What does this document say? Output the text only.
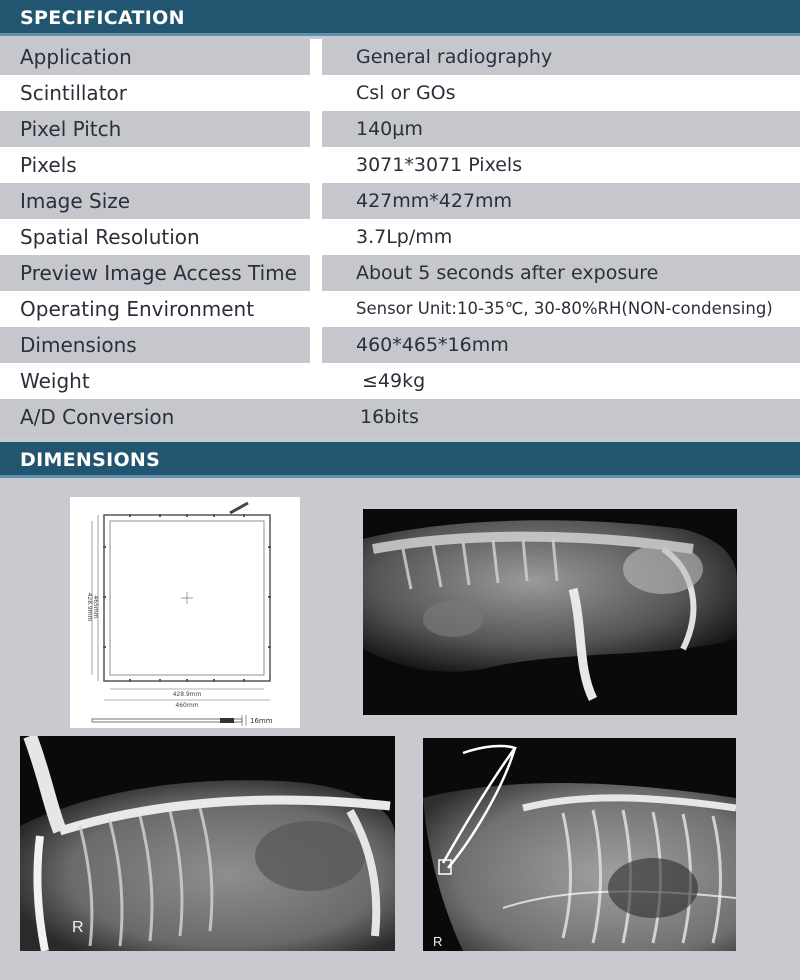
SPECIFICATION
Application	General radiography
Scintillator	Csl or GOs
Pixel Pitch	140μm
Pixels	3071*3071 Pixels
Image Size	427mm*427mm
Spatial Resolution	3.7Lp/mm
Preview Image Access Time	About 5 seconds after exposure
Operating Environment	Sensor Unit:10-35℃, 30-80%RH(NON-condensing)
Dimensions	460*465*16mm
Weight	≤49kg
A/D Conversion	16bits
DIMENSIONS
428.9mm 465mm
428.9mm
460mm
16mm
R
R
